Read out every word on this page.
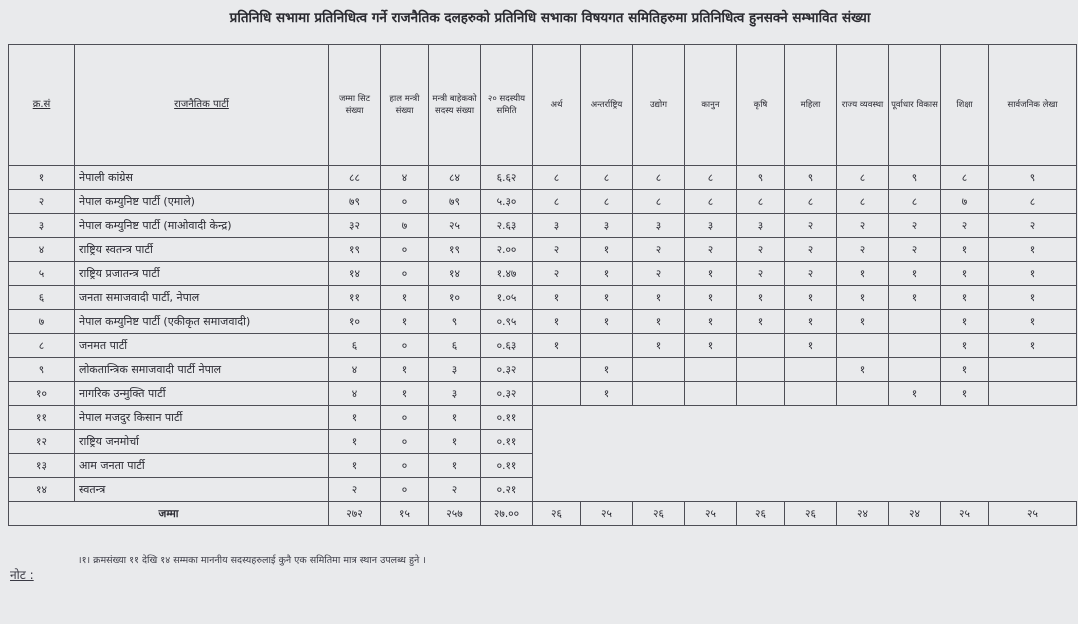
प्रतिनिधि सभामा प्रतिनिधित्व गर्ने राजनैतिक दलहरुको प्रतिनिधि सभाका विषयगत समितिहरुमा प्रतिनिधित्व हुनसक्ने सम्भावित संख्या
क्र.सं	राजनैतिक पार्टी	जम्मा सिट संख्या	हाल मन्त्री संख्या	मन्त्री बाहेकको सदस्य संख्या	२० सदस्यीय समिति	अर्थ	अन्तर्राष्ट्रिय	उद्योग	कानुन	कृषि	महिला	राज्य व्यवस्था	पूर्वाधार विकास	शिक्षा	सार्वजनिक लेखा
१	नेपाली कांग्रेस	८८	४	८४	६.६२	८	८	८	८	९	९	८	९	८	९
२	नेपाल कम्युनिष्ट पार्टी (एमाले)	७९	०	७९	५.३०	८	८	८	८	८	८	८	८	७	८
३	नेपाल कम्युनिष्ट पार्टी (माओवादी केन्द्र)	३२	७	२५	२.६३	३	३	३	३	३	२	२	२	२	२
४	राष्ट्रिय स्वतन्त्र पार्टी	१९	०	१९	२.००	२	१	२	२	२	२	२	२	१	१
५	राष्ट्रिय प्रजातन्त्र पार्टी	१४	०	१४	१.४७	२	१	२	१	२	२	१	१	१	१
६	जनता समाजवादी पार्टी, नेपाल	११	१	१०	१.०५	१	१	१	१	१	१	१	१	१	१
७	नेपाल कम्युनिष्ट पार्टी (एकीकृत समाजवादी)	१०	१	९	०.९५	१	१	१	१	१	१	१		१	१
८	जनमत पार्टी	६	०	६	०.६३	१		१	१		१			१	१
९	लोकतान्त्रिक समाजवादी पार्टी नेपाल	४	१	३	०.३२		१					१		१	
१०	नागरिक उन्मुक्ति पार्टी	४	१	३	०.३२		१						१	१	
११	नेपाल मजदुर किसान पार्टी	१	०	१	०.११										
१२	राष्ट्रिय जनमोर्चा	१	०	१	०.११										
१३	आम जनता पार्टी	१	०	१	०.११										
१४	स्वतन्त्र	२	०	२	०.२१										
जम्मा		२७२	१५	२५७	२७.००	२६	२५	२६	२५	२६	२६	२४	२४	२५	२५
नोट :
।१। क्रमसंख्या ११ देखि १४ सम्मका माननीय सदस्यहरुलाई कुनै एक समितिमा मात्र स्थान उपलब्ध हुने ।
